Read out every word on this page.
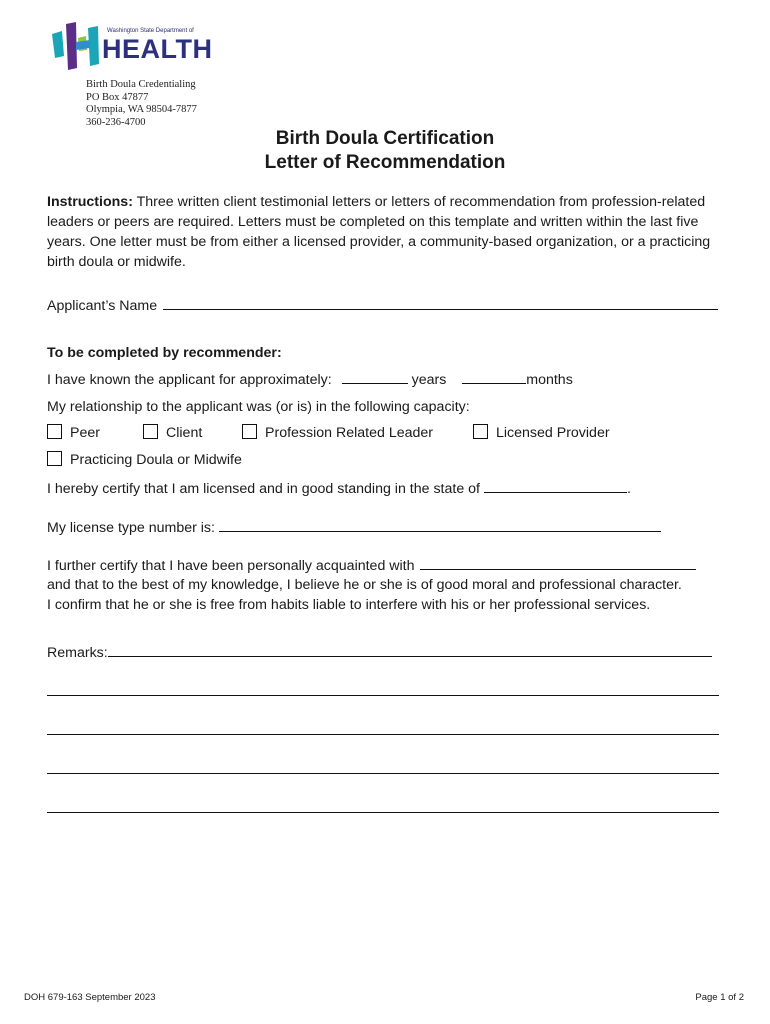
Washington State Department of
HEALTH
Birth Doula Credentialing
PO Box 47877
Olympia, WA 98504-7877
360-236-4700
Birth Doula Certification
Letter of Recommendation
Instructions: Three written client testimonial letters or letters of recommendation from profession-related leaders or peers are required. Letters must be completed on this template and written within the last five years. One letter must be from either a licensed provider, a community-based organization, or a practicing birth doula or midwife.
Applicant’s Name
To be completed by recommender:
I have known the applicant for approximately:	years	months
My relationship to the applicant was (or is) in the following capacity:
Peer	Client	Profession Related Leader	Licensed Provider
Practicing Doula or Midwife
I hereby certify that I am licensed and in good standing in the state of	.
My license type number is:
I further certify that I have been personally acquainted with
and that to the best of my knowledge, I believe he or she is of good moral and professional character.
I confirm that he or she is free from habits liable to interfere with his or her professional services.
Remarks:
DOH 679-163 September 2023	Page 1 of 2
